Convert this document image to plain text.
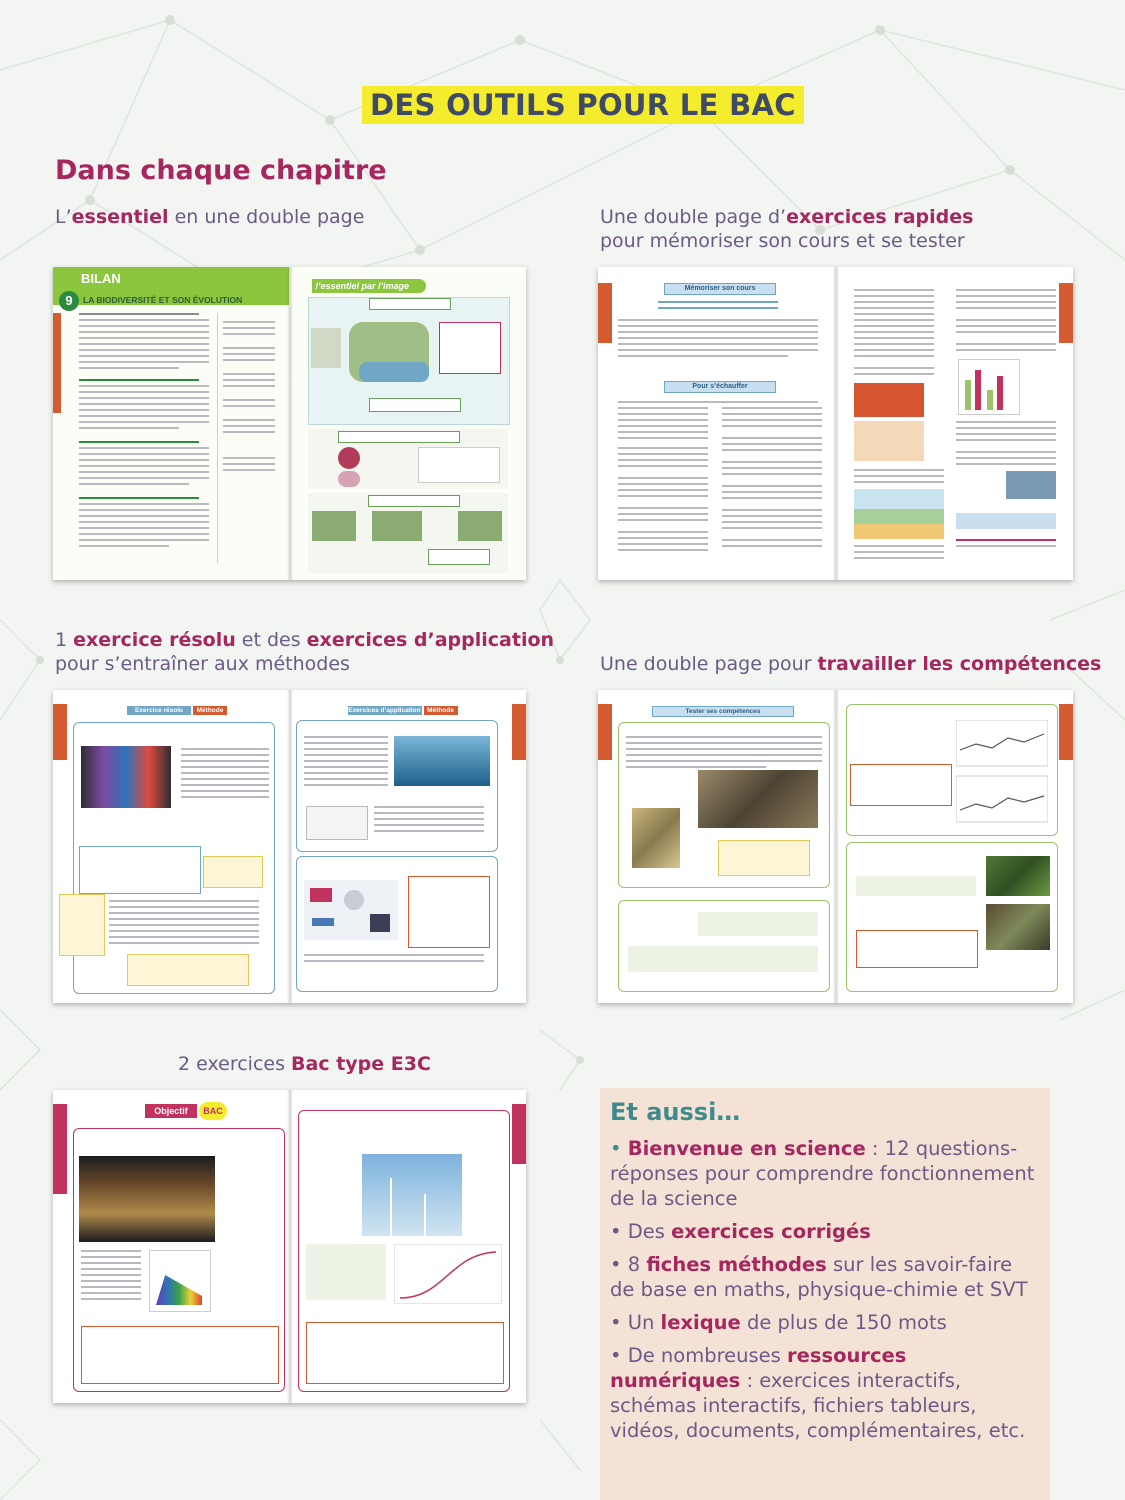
DES OUTILS POUR LE BAC
Dans chaque chapitre
L’essentiel en une double page	Une double page d’exercices rapides
pour mémoriser son cours et se tester
1 exercice résolu et des exercices d’application
pour s’entraîner aux méthodes	Une double page pour travailler les compétences
2 exercices Bac type E3C
BILAN
9	LA BIODIVERSITÉ ET SON ÉVOLUTION
l’essentiel par l’image	Mémoriser son cours
Pour s’échauffer
Exercice résolu	Méthode	Exercices d’application	Méthode	Tester ses compétences
Objectif	BAC	Et aussi…
• Bienvenue en science : 12 questions-réponses pour comprendre fonctionnement de la science
• Des exercices corrigés
• 8 fiches méthodes sur les savoir-faire de base en maths, physique-chimie et SVT
• Un lexique de plus de 150 mots
• De nombreuses ressources numériques : exercices interactifs, schémas interactifs, fichiers tableurs, vidéos, documents, complémentaires, etc.
